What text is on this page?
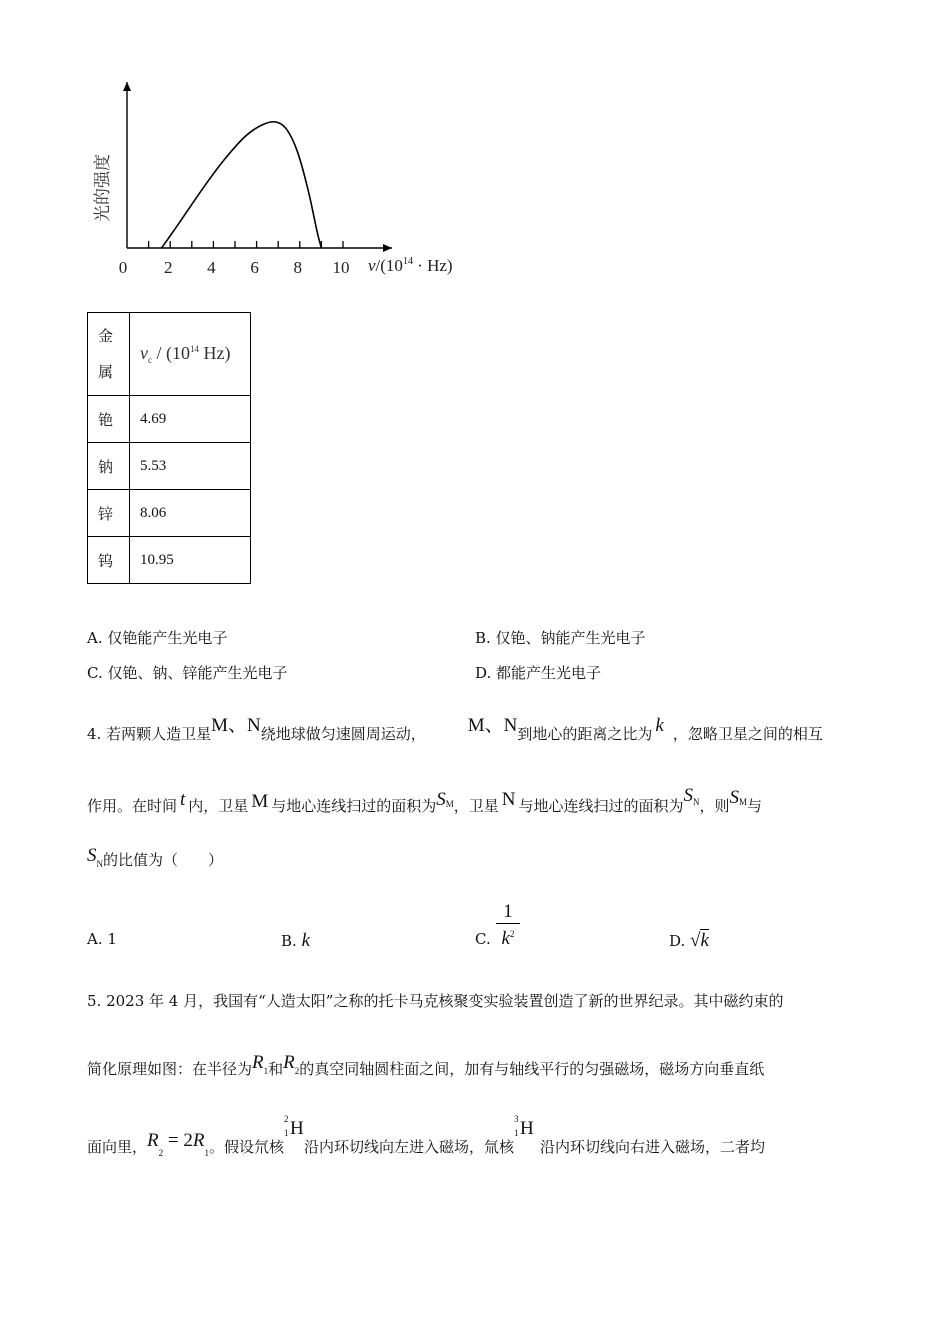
0 2 4 6 8 10
光的强度
$\nu/(10^{14} \cdot Hz)$
金
属	$\nu_c / (10^{14}$ Hz)
铯	4.69
钠	5.53
锌	8.06
钨	10.95
A. 仅铯能产生光电子	B. 仅铯、钠能产生光电子
C. 仅铯、钠、锌能产生光电子	D. 都能产生光电子
4. 若两颗人造卫星M、N绕地球做匀速圆周运动， M、N到地心的距离之比为 k ，忽略卫星之间的相互
作用。在时间 t 内，卫星 M 与地心连线扫过的面积为$S^M$，卫星 N 与地心连线扫过的面积为$S^N$，则$S^M$与
$S_N$的比值为（　　）
A. 1	B. k	C.
1
$k^2$	D. √k
5. 2023 年 4 月，我国有“人造太阳”之称的托卡马克核聚变实验装置创造了新的世界纪录。其中磁约束的
简化原理如图：在半径为R1和R2的真空同轴圆柱面之间，加有与轴线平行的匀强磁场，磁场方向垂直纸
面向里，$R_2 = 2R_1$。假设氘核
2
1 H
沿内环切线向左进入磁场，氚核
3
1 H
沿内环切线向右进入磁场，二者均
